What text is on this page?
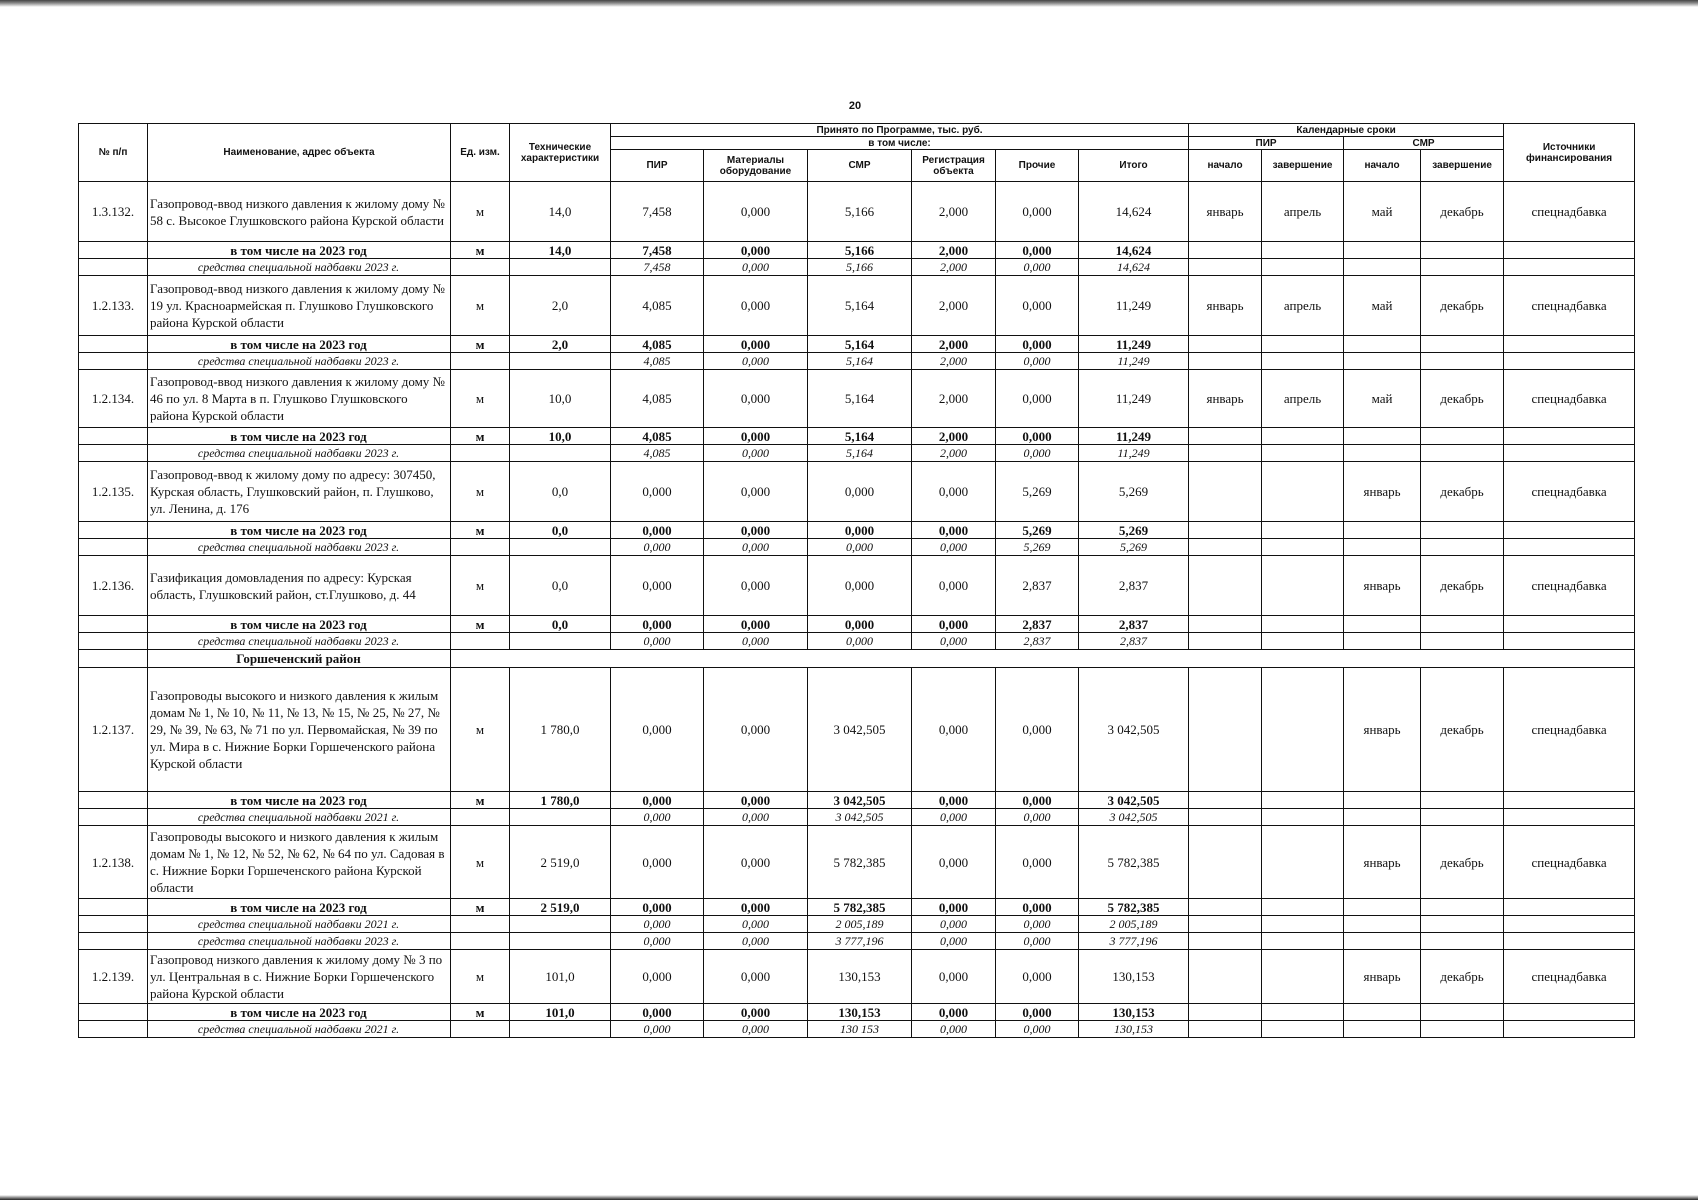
20
№ п/п	Наименование, адрес объекта	Ед. изм.	Технические характеристики	Принято по Программе, тыс. руб.						Календарные сроки				Источники финансирования
				в том числе:						ПИР		СМР		
				ПИР	Материалы оборудование	СМР	Регистрация объекта	Прочие	Итого	начало	завершение	начало	завершение	
1.3.132.	Газопровод-ввод низкого давления к жилому дому № 58 с. Высокое Глушковского района Курской области	м	14,0	7,458	0,000	5,166	2,000	0,000	14,624	январь	апрель	май	декабрь	спецнадбавка
	в том числе на 2023 год	м	14,0	7,458	0,000	5,166	2,000	0,000	14,624					
	средства специальной надбавки 2023 г.			7,458	0,000	5,166	2,000	0,000	14,624					
1.2.133.	Газопровод-ввод низкого давления к жилому дому № 19 ул. Красноармейская п. Глушково Глушковского района Курской области	м	2,0	4,085	0,000	5,164	2,000	0,000	11,249	январь	апрель	май	декабрь	спецнадбавка
	в том числе на 2023 год	м	2,0	4,085	0,000	5,164	2,000	0,000	11,249					
	средства специальной надбавки 2023 г.			4,085	0,000	5,164	2,000	0,000	11,249					
1.2.134.	Газопровод-ввод низкого давления к жилому дому № 46 по ул. 8 Марта в п. Глушково Глушковского района Курской области	м	10,0	4,085	0,000	5,164	2,000	0,000	11,249	январь	апрель	май	декабрь	спецнадбавка
	в том числе на 2023 год	м	10,0	4,085	0,000	5,164	2,000	0,000	11,249					
	средства специальной надбавки 2023 г.			4,085	0,000	5,164	2,000	0,000	11,249					
1.2.135.	Газопровод-ввод к жилому дому по адресу: 307450, Курская область, Глушковский район, п. Глушково, ул. Ленина, д. 176	м	0,0	0,000	0,000	0,000	0,000	5,269	5,269			январь	декабрь	спецнадбавка
	в том числе на 2023 год	м	0,0	0,000	0,000	0,000	0,000	5,269	5,269					
	средства специальной надбавки 2023 г.			0,000	0,000	0,000	0,000	5,269	5,269					
1.2.136.	Газификация домовладения по адресу: Курская область, Глушковский район, ст.Глушково, д. 44	м	0,0	0,000	0,000	0,000	0,000	2,837	2,837			январь	декабрь	спецнадбавка
	в том числе на 2023 год	м	0,0	0,000	0,000	0,000	0,000	2,837	2,837					
	средства специальной надбавки 2023 г.			0,000	0,000	0,000	0,000	2,837	2,837					
	Горшеченский район													
1.2.137.	Газопроводы высокого и низкого давления к жилым домам № 1, № 10, № 11, № 13, № 15, № 25, № 27, № 29, № 39, № 63, № 71 по ул. Первомайская, № 39 по ул. Мира в с. Нижние Борки Горшеченского района Курской области	м	1 780,0	0,000	0,000	3 042,505	0,000	0,000	3 042,505			январь	декабрь	спецнадбавка
	в том числе на 2023 год	м	1 780,0	0,000	0,000	3 042,505	0,000	0,000	3 042,505					
	средства специальной надбавки 2021 г.			0,000	0,000	3 042,505	0,000	0,000	3 042,505					
1.2.138.	Газопроводы высокого и низкого давления к жилым домам № 1, № 12, № 52, № 62, № 64 по ул. Садовая в с. Нижние Борки Горшеченского района Курской области	м	2 519,0	0,000	0,000	5 782,385	0,000	0,000	5 782,385			январь	декабрь	спецнадбавка
	в том числе на 2023 год	м	2 519,0	0,000	0,000	5 782,385	0,000	0,000	5 782,385					
	средства специальной надбавки 2021 г.			0,000	0,000	2 005,189	0,000	0,000	2 005,189					
	средства специальной надбавки 2023 г.			0,000	0,000	3 777,196	0,000	0,000	3 777,196					
1.2.139.	Газопровод низкого давления к жилому дому № 3 по ул. Центральная в с. Нижние Борки Горшеченского района Курской области	м	101,0	0,000	0,000	130,153	0,000	0,000	130,153			январь	декабрь	спецнадбавка
	в том числе на 2023 год	м	101,0	0,000	0,000	130,153	0,000	0,000	130,153					
	средства специальной надбавки 2021 г.			0,000	0,000	130 153	0,000	0,000	130,153					
